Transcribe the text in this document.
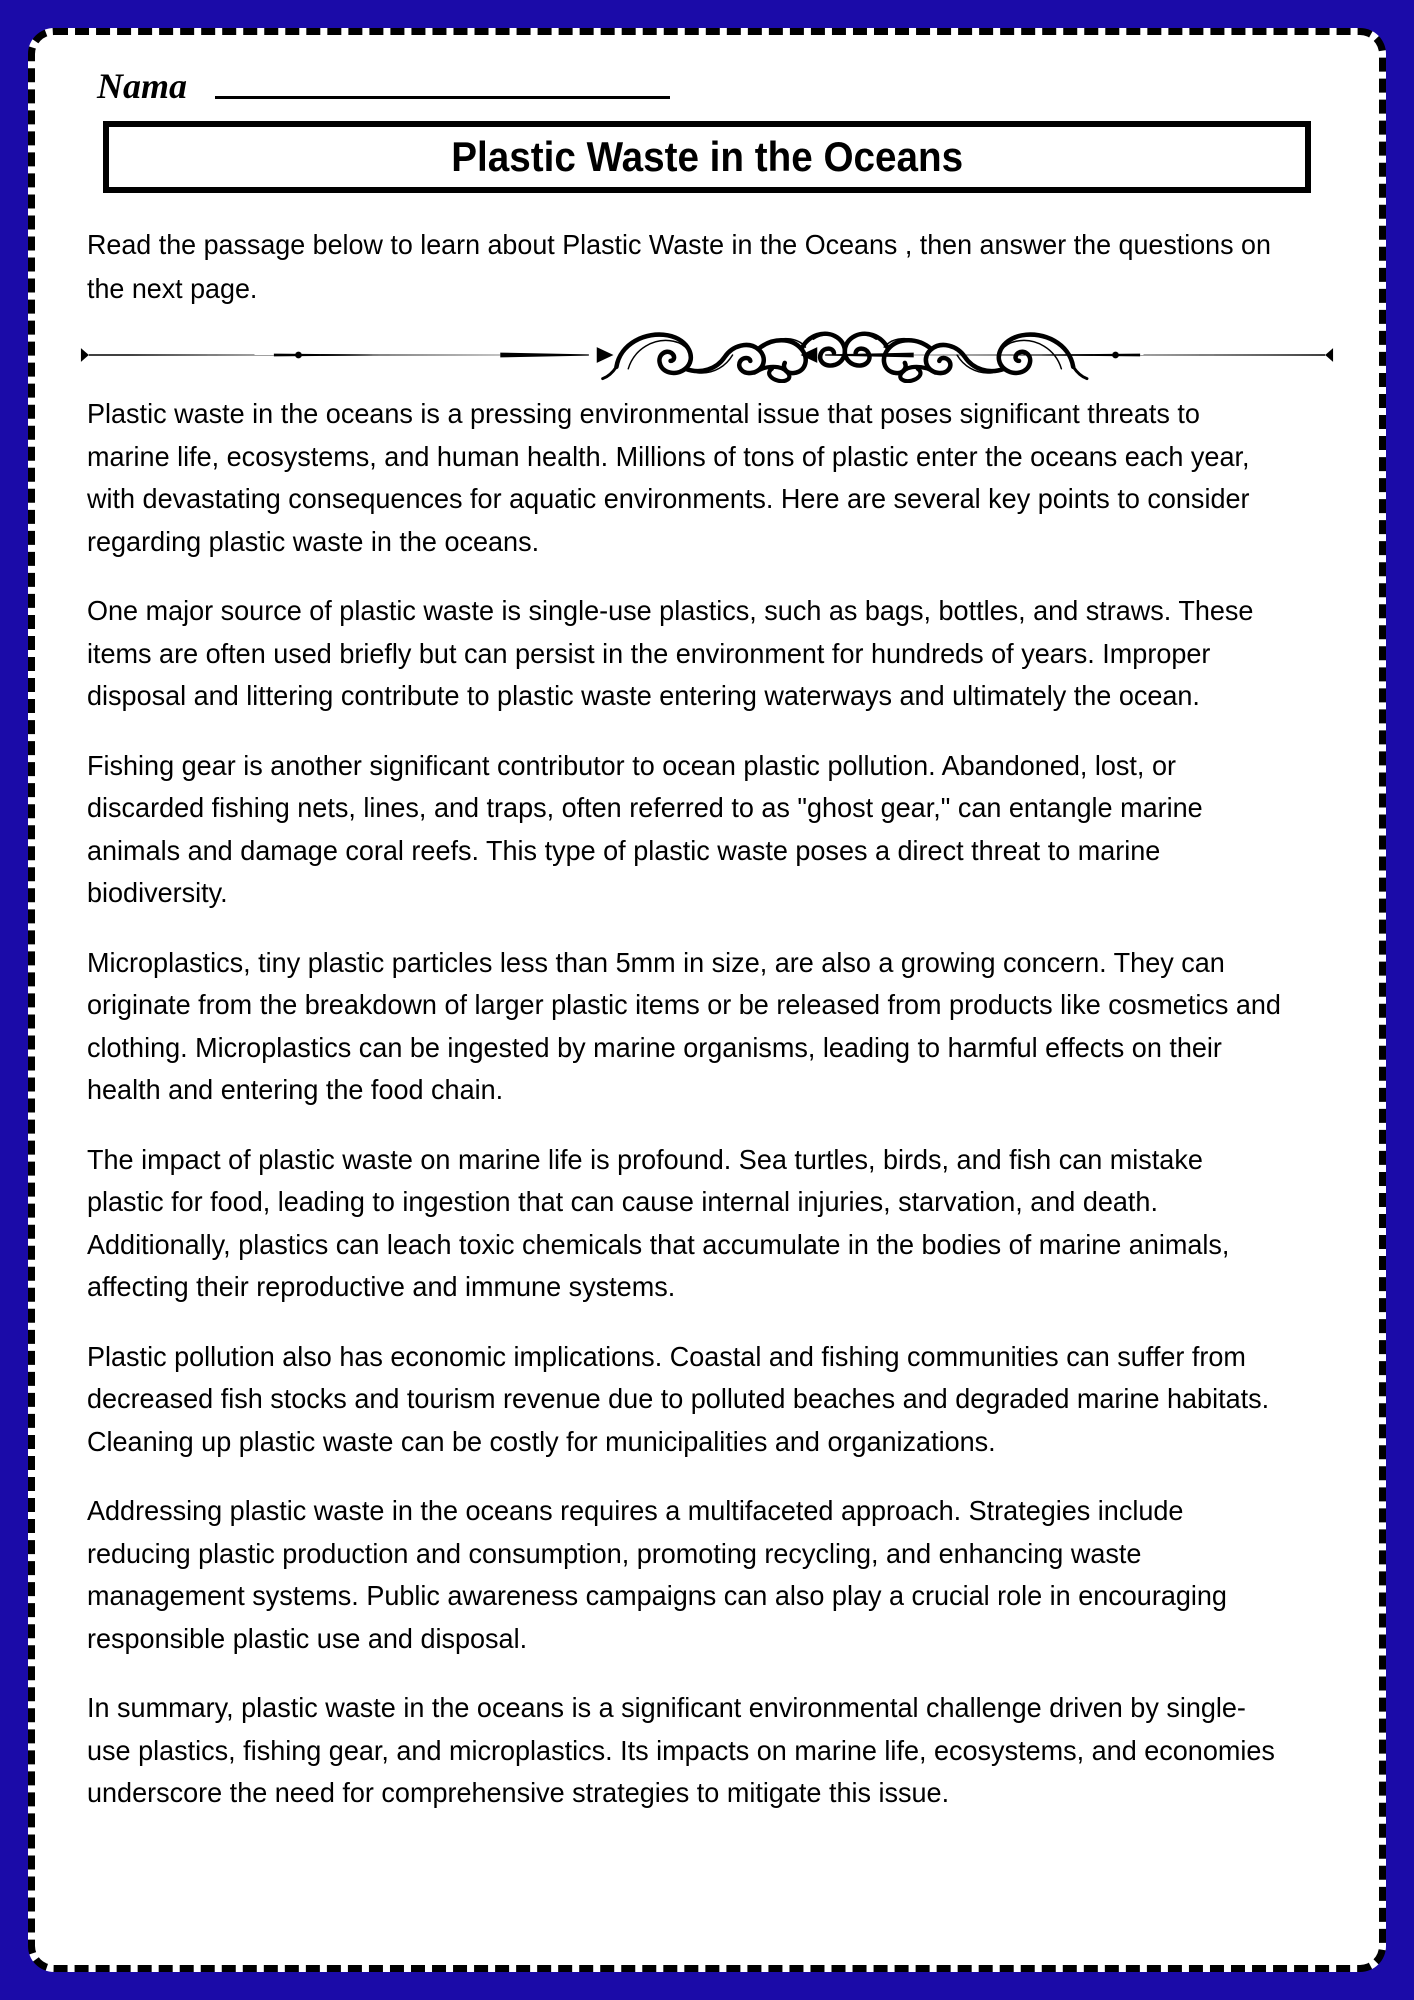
Nama
Plastic Waste in the Oceans
Read the passage below to learn about Plastic Waste in the Oceans , then answer the questions on the next page.

Plastic waste in the oceans is a pressing environmental issue that poses significant threats to marine life, ecosystems, and human health. Millions of tons of plastic enter the oceans each year, with devastating consequences for aquatic environments. Here are several key points to consider regarding plastic waste in the oceans.

One major source of plastic waste is single-use plastics, such as bags, bottles, and straws. These items are often used briefly but can persist in the environment for hundreds of years. Improper disposal and littering contribute to plastic waste entering waterways and ultimately the ocean.

Fishing gear is another significant contributor to ocean plastic pollution. Abandoned, lost, or discarded fishing nets, lines, and traps, often referred to as "ghost gear," can entangle marine animals and damage coral reefs. This type of plastic waste poses a direct threat to marine biodiversity.

Microplastics, tiny plastic particles less than 5mm in size, are also a growing concern. They can originate from the breakdown of larger plastic items or be released from products like cosmetics and clothing. Microplastics can be ingested by marine organisms, leading to harmful effects on their health and entering the food chain.

The impact of plastic waste on marine life is profound. Sea turtles, birds, and fish can mistake plastic for food, leading to ingestion that can cause internal injuries, starvation, and death. Additionally, plastics can leach toxic chemicals that accumulate in the bodies of marine animals, affecting their reproductive and immune systems.

Plastic pollution also has economic implications. Coastal and fishing communities can suffer from decreased fish stocks and tourism revenue due to polluted beaches and degraded marine habitats. Cleaning up plastic waste can be costly for municipalities and organizations.

Addressing plastic waste in the oceans requires a multifaceted approach. Strategies include reducing plastic production and consumption, promoting recycling, and enhancing waste management systems. Public awareness campaigns can also play a crucial role in encouraging responsible plastic use and disposal.

In summary, plastic waste in the oceans is a significant environmental challenge driven by single-use plastics, fishing gear, and microplastics. Its impacts on marine life, ecosystems, and economies underscore the need for comprehensive strategies to mitigate this issue.
